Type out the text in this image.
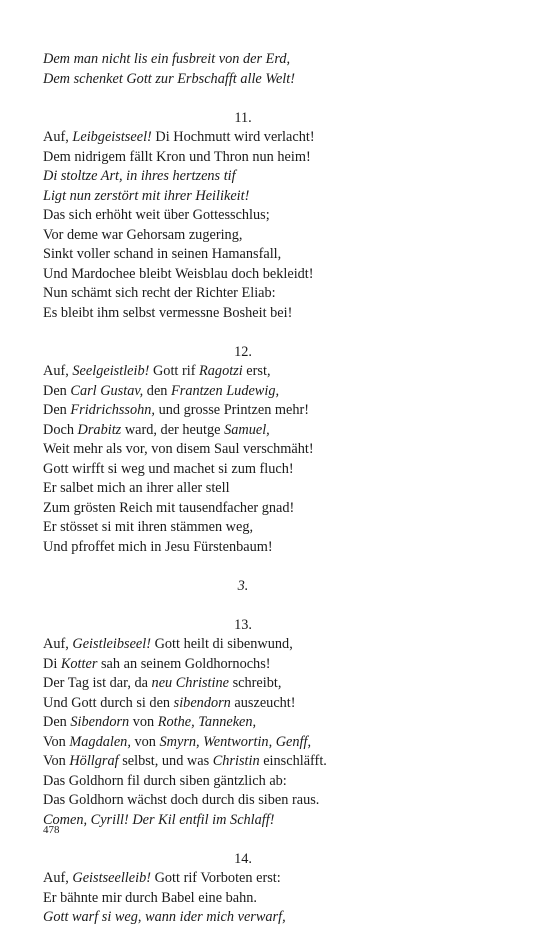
Dem man nicht lis ein fusbreit von der Erd,
Dem schenket Gott zur Erbschafft alle Welt!
11.
Auf, Leibgeistseel! Di Hochmutt wird verlacht!
Dem nidrigem fällt Kron und Thron nun heim!
Di stoltze Art, in ihres hertzens tif
Ligt nun zerstört mit ihrer Heilikeit!
Das sich erhöht weit über Gottesschlus;
Vor deme war Gehorsam zugering,
Sinkt voller schand in seinen Hamansfall,
Und Mardochee bleibt Weisblau doch bekleidt!
Nun schämt sich recht der Richter Eliab:
Es bleibt ihm selbst vermessne Bosheit bei!
12.
Auf, Seelgeistleib! Gott rif Ragotzi erst,
Den Carl Gustav, den Frantzen Ludewig,
Den Fridrichssohn, und grosse Printzen mehr!
Doch Drabitz ward, der heutge Samuel,
Weit mehr als vor, von disem Saul verschmäht!
Gott wirfft si weg und machet si zum fluch!
Er salbet mich an ihrer aller stell
Zum grösten Reich mit tausendfacher gnad!
Er stösset si mit ihren stämmen weg,
Und pfroffet mich in Jesu Fürstenbaum!
3.
13.
Auf, Geistleibseel! Gott heilt di sibenwund,
Di Kotter sah an seinem Goldhornochs!
Der Tag ist dar, da neu Christine schreibt,
Und Gott durch si den sibendorn auszeucht!
Den Sibendorn von Rothe, Tanneken,
Von Magdalen, von Smyrn, Wentwortin, Genff,
Von Höllgraf selbst, und was Christin einschläfft.
Das Goldhorn fil durch siben gäntzlich ab:
Das Goldhorn wächst doch durch dis siben raus.
Comen, Cyrill! Der Kil entfil im Schlaff!
14.
Auf, Geistseelleib! Gott rif Vorboten erst:
Er bähnte mir durch Babel eine bahn.
Gott warf si weg, wann ider mich verwarf,
478
